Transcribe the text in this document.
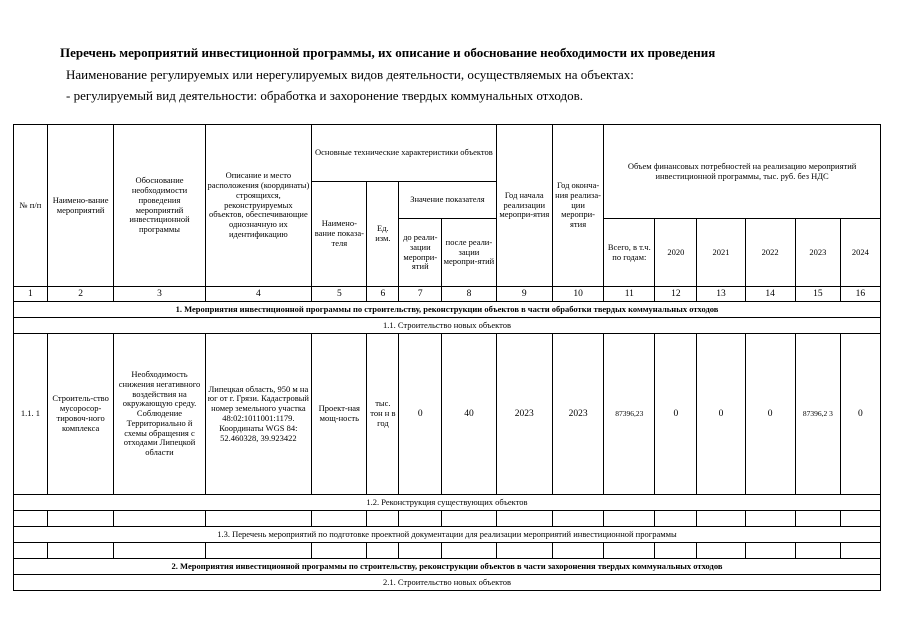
Перечень мероприятий инвестиционной программы, их описание и обоснование необходимости их проведения
Наименование регулируемых или нерегулируемых видов деятельности, осуществляемых на объектах:
- регулируемый вид деятельности: обработка и захоронение твердых коммунальных отходов.
№ п/п	Наимено-вание мероприятий	Обоснование необходимости проведения мероприятий инвестиционной программы	Описание и место расположения (координаты) строящихся, реконструируемых объектов, обеспечивающие однозначную их идентификацию	Основные технические характеристики объектов				Год начала реализации меропри-ятия	Год оконча-ния реализа-ции меропри-ятия	Объем финансовых потребностей на реализацию мероприятий инвестиционной программы, тыс. руб. без НДС					
				Наимено-вание показа-теля	Ед. изм.	Значение показателя									
						до реали-зации меропри-ятий	после реали-зации меропри-ятий			Всего, в т.ч. по годам:	2020	2021	2022	2023	2024
1	2	3	4	5	6	7	8	9	10	11	12	13	14	15	16
1. Мероприятия инвестиционной программы по строительству, реконструкции объектов в части обработки твердых коммунальных отходов															
1.1. Строительство новых объектов															
1.1. 1	Строитель-ство мусоросор-тировоч-ного комплекса	Необходимость снижения негативного воздействия на окружающую среду. Соблюдение Территориально й схемы обращения с отходами Липецкой области	Липецкая область, 950 м на юг от г. Грязи. Кадастровый номер земельного участка 48:02:1011001:1179. Координаты WGS 84: 52.460328, 39.923422	Проект-ная мощ-ность	тыс. тон н в год	0	40	2023	2023	87396,23	0	0	0	87396,2 3	0
1.2. Реконструкция существующих объектов															

1.3. Перечень мероприятий по подготовке проектной документации для реализации мероприятий инвестиционной программы															

2. Мероприятия инвестиционной программы по строительству, реконструкции объектов в части захоронения твердых коммунальных отходов															
2.1. Строительство новых объектов															
